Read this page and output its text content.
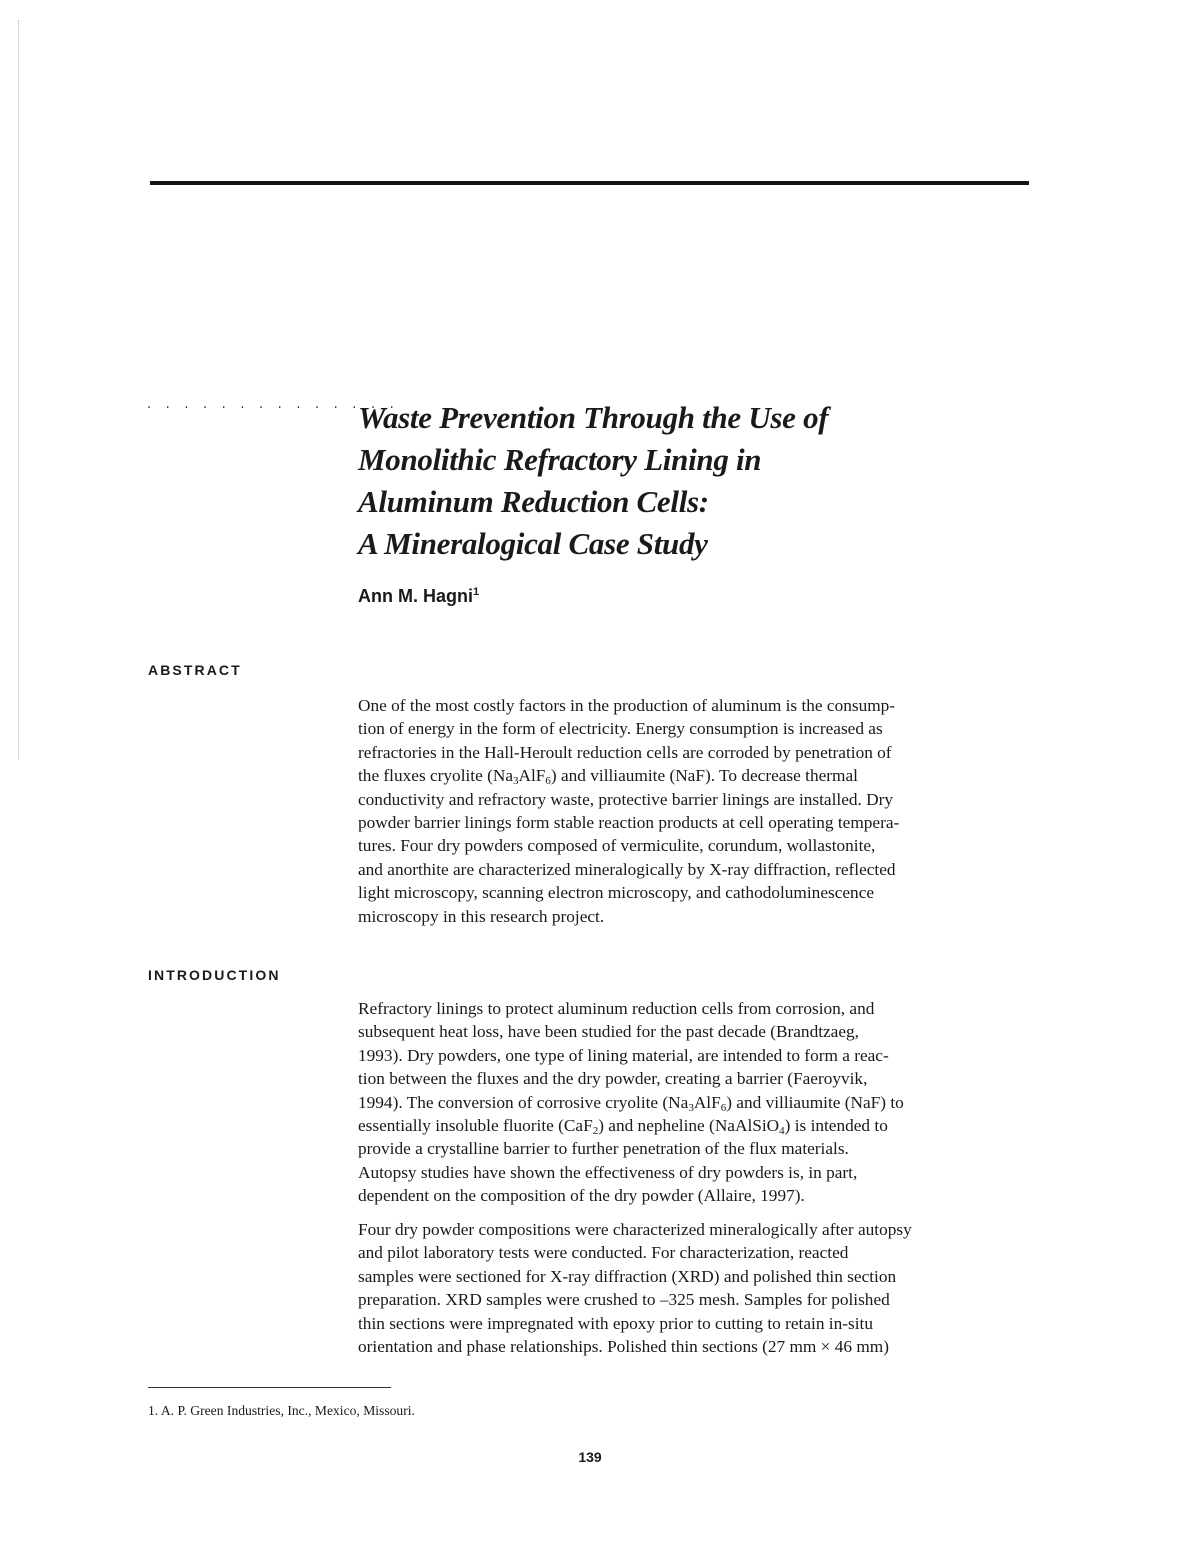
. . . . . . . . . . . . . .
Waste Prevention Through the Use of
Monolithic Refractory Lining in
Aluminum Reduction Cells:
A Mineralogical Case Study

Ann M. Hagni$^1$

ABSTRACT
One of the most costly factors in the production of aluminum is the consump-
tion of energy in the form of electricity. Energy consumption is increased as
refractories in the Hall-Heroult reduction cells are corroded by penetration of
the fluxes cryolite $(Na_3AlF_6)$ and villiaumite (NaF). To decrease thermal
conductivity and refractory waste, protective barrier linings are installed. Dry
powder barrier linings form stable reaction products at cell operating tempera-
tures. Four dry powders composed of vermiculite, corundum, wollastonite,
and anorthite are characterized mineralogically by X-ray diffraction, reflected
light microscopy, scanning electron microscopy, and cathodoluminescence
microscopy in this research project.
INTRODUCTION
Refractory linings to protect aluminum reduction cells from corrosion, and
subsequent heat loss, have been studied for the past decade (Brandtzaeg,
1993). Dry powders, one type of lining material, are intended to form a reac-
tion between the fluxes and the dry powder, creating a barrier (Faeroyvik,
1994). The conversion of corrosive cryolite $(Na_3AlF_6)$ and villiaumite (NaF) to
essentially insoluble fluorite (CaF$_2$) and nepheline (NaAlSiO$_4$) is intended to
provide a crystalline barrier to further penetration of the flux materials.
Autopsy studies have shown the effectiveness of dry powders is, in part,
dependent on the composition of the dry powder (Allaire, 1997).
Four dry powder compositions were characterized mineralogically after autopsy
and pilot laboratory tests were conducted. For characterization, reacted
samples were sectioned for X-ray diffraction (XRD) and polished thin section
preparation. XRD samples were crushed to –325 mesh. Samples for polished
thin sections were impregnated with epoxy prior to cutting to retain in-situ
orientation and phase relationships. Polished thin sections (27 mm × 46 mm)

1. A. P. Green Industries, Inc., Mexico, Missouri.

139
